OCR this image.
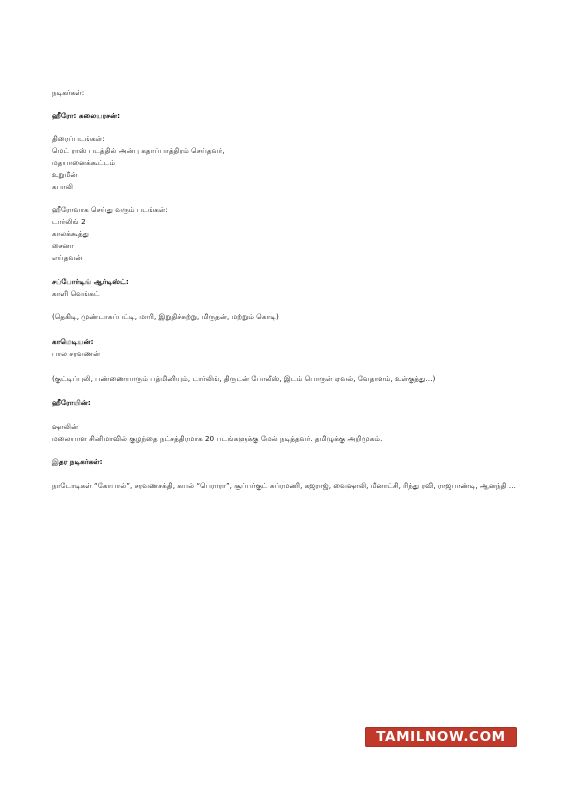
நடிகர்கள்:
ஹீரோ: கலையரசன்:
திரைப்படங்கள்:
மெட் ராஸ் படத்தில் அன்பு கதாப்பாத்திரம் செய்தவர்,
மதயானைக்கூட்டம்
உறுமீன்
கபாலி
ஹீரோவாக செய்து வரும் படங்கள்:
டார்லிங் 2
காலக்கூத்து
சைனா
எய்தவன்
சப்போர்டிங் ஆர்டிஸ்ட்:
காளி வெங்கட்
(தெகிடி, முண்டாசுப்பட்டி, மாரி, இறுதிச்சுற்று, மிருதன், மற்றும் கொடி)
காமெடியன்:
பால சரவணன்
(குட்டிப்புலி, பண்ணையாரும் பத்மினியும், டார்லிங், திருடன் போலீஸ், இடம் பொருள் ஏவல், வேதாளம், உள்குத்து…)
ஹீரோயின்:
ஷாலின்
மலையாள சினிமாவில் குழந்தை நட்சத்திரமாக 20 படங்களுக்கு மேல் நடித்தவர். தமிழுக்கு அறிமுகம்.
இதர நடிகர்கள்:
நாடோடிகள் “கோபால்”, சரவணசக்தி, கயல் “பெராரா”, சூப்பர்குட் சுப்ரமணி, கஜராஜ், வைஷாலி, மீனாட்சி, ரிந்து ரவி, ராஜபாண்டி, ஆனந்தி …
TAMILNOW.COM
